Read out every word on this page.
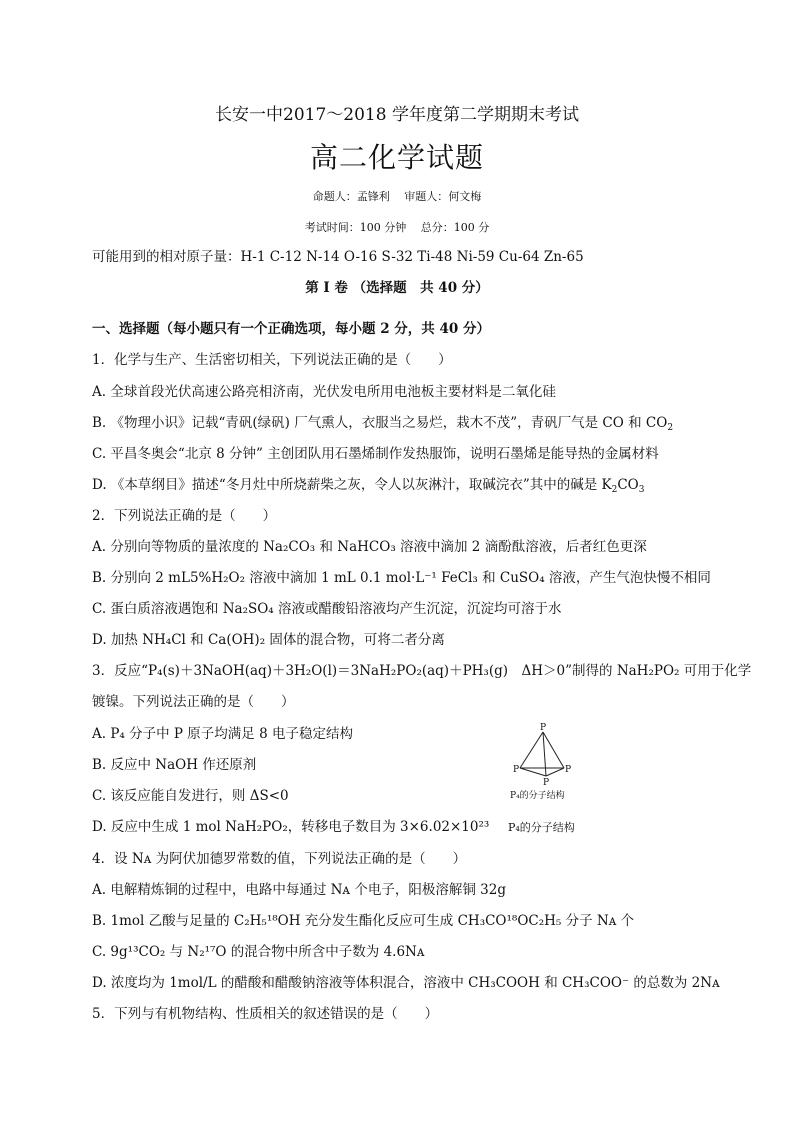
长安一中2017～2018 学年度第二学期期末考试
高二化学试题
命题人：孟锋利　 审题人：何文梅
考试时间：100 分钟　 总分：100 分
可能用到的相对原子量：H-1 C-12 N-14 O-16 S-32 Ti-48 Ni-59 Cu-64 Zn-65
第 I 卷 （选择题　共 40 分）
一、选择题（每小题只有一个正确选项，每小题 2 分，共 40 分）
1．化学与生产、生活密切相关，下列说法正确的是（　　）
A. 全球首段光伏高速公路亮相济南，光伏发电所用电池板主要材料是二氧化硅
B. 《物理小识》记载“青矾(绿矾) 厂气熏人，衣服当之易烂，栽木不茂”，青矾厂气是 CO 和 $CO_2$
C. 平昌冬奥会“北京 8 分钟” 主创团队用石墨烯制作发热服饰，说明石墨烯是能导热的金属材料
D. 《本草纲目》描述“冬月灶中所烧薪柴之灰，令人以灰淋汁，取碱浣衣”其中的碱是 $K_2CO_3$
2．下列说法正确的是（　　）
A. 分别向等物质的量浓度的 Na₂CO₃ 和 NaHCO₃ 溶液中滴加 2 滴酚酞溶液，后者红色更深
B. 分别向 2 mL5%H₂O₂ 溶液中滴加 1 mL 0.1 mol·L⁻¹ FeCl₃ 和 CuSO₄ 溶液，产生气泡快慢不相同
C. 蛋白质溶液遇饱和 Na₂SO₄ 溶液或醋酸铅溶液均产生沉淀，沉淀均可溶于水
D. 加热 NH₄Cl 和 Ca(OH)₂ 固体的混合物，可将二者分离
3．反应“P₄(s)＋3NaOH(aq)＋3H₂O(l)＝3NaH₂PO₂(aq)＋PH₃(g)　ΔH＞0”制得的 NaH₂PO₂ 可用于化学
镀镍。下列说法正确的是（　　）
A. P₄ 分子中 P 原子均满足 8 电子稳定结构
B. 反应中 NaOH 作还原剂
C. 该反应能自发进行，则 ΔS<0
D. 反应中生成 1 mol NaH₂PO₂，转移电子数目为 3×6.02×10²³ P₄的分子结构
P
P	P
P
P₄的分子结构
4．设 Nᴀ 为阿伏加德罗常数的值，下列说法正确的是（　　）
A. 电解精炼铜的过程中，电路中每通过 Nᴀ 个电子，阳极溶解铜 32g
B. 1mol 乙酸与足量的 C₂H₅¹⁸OH 充分发生酯化反应可生成 CH₃CO¹⁸OC₂H₅ 分子 Nᴀ 个
C. 9g¹³CO₂ 与 N₂¹⁷O 的混合物中所含中子数为 4.6Nᴀ
D. 浓度均为 1mol/L 的醋酸和醋酸钠溶液等体积混合，溶液中 CH₃COOH 和 CH₃COO⁻ 的总数为 2Nᴀ
5．下列与有机物结构、性质相关的叙述错误的是（　　）
